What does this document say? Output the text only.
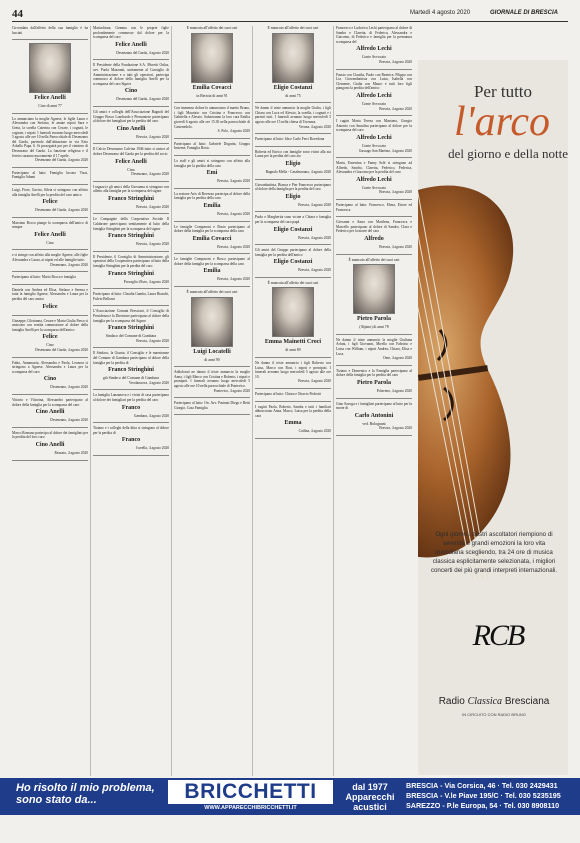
44	Martedì 4 agosto 2020	GIORNALE DI BRESCIA
Circondata dall'affetto della sua famiglia è ha lasciati
Felice Anelli
Cino di anni 77
Lo annunciano la moglie Agnese, le figlie Laura e Alessandra con Stefano, le amate nipoti Sara e Greta, la sorella Caterina con Cesare, i cognati, le cognate, i nipoti. I funerali avranno luogo mercoledì 5 agosto alle ore 10 nella Parrocchiale di Desenzano del Garda, partendo dall'abitazione in via Ezio Arballo Papa, 6. Si proseguirà poi per il cimitero di Desenzano del Garda. La funzione religiosa e il feretro saranno nuovamente il 17 aprile.
Desenzano del Garda, 4 agosto 2020
Partecipano al lutto: Famiglia Iacono Vizzi, Famiglia Adami
Luigi, Fiore, Gavira, Silvia si stringono con affetto alla famiglia Anelli per la perdita del caro amico
Felice
Desenzano del Garda, 4 agosto 2020
Massimo Bocca piange la scomparsa dell'amico di sempre
Felice Anelli
Cino
e si stringe con affetto alla moglie Agnese, alle figlie Alessandra e Laura, ai nipoti ed alle famiglie tutte.
Desenzano, 4 agosto 2020
Partecipano al lutto: Mario Bocca e famiglia
Daniela con Andrea ed Elisa, Stefano e Serena e tutta la famiglia Agnese, Alessandra e Laura per la perdita del caro amico
Felice
Giuseppe, Glorianna, Cesare e Maria Giulia Passo si uniscono con sentita commozione al dolore della famiglia Anelli per la scomparsa dell'amico
Felice
Cino
Desenzano del Garda, 4 agosto 2020
Fabio, Annamaria, Alessandra e Paola, Leonora si stringono a Agnese, Alessandra e Laura per la scomparsa del caro
Cino
Desenzano, 4 agosto 2020
Vittorio e Vittorina, Alessandro partecipano al dolore della famiglia per la scomparsa del caro
Cino Anelli
Desenzano, 4 agosto 2020
Marco Romano partecipa al dolore dei famigliari per la perdita del loro caro
Cino Anelli
Rezzato, 4 agosto 2020
Mariachiara, Gemma con le proprie figlie profondamente commosse dal dolore per la scomparsa del caro
Felice Anelli
Desenzano del Garda, 4 agosto 2020
Il Presidente della Fondazione S.A. Moretti Onlus, avv. Paola Mazzanti, unitamente al Consiglio di Amministrazione e a tutti gli operatori, partecipa commossi al dolore della famiglia Anelli per la scomparsa del caro Signor
Cino
Desenzano del Garda, 4 agosto 2020
Gli amici e colleghi dell'Associazione Bagnoli del Gruppo Bosco Lombardo e Piemontese partecipano al dolore dei famigliari per la perdita del caro
Cino Anelli
Brescia, 4 agosto 2020
Il Calcio Desenzano Calvina 1946 tutto si unisce al dolore Desenzano del Garda per la perdita del socio
Felice Anelli
Cino
Desenzano, 4 agosto 2020
I ragazzi e gli amici della Giovanna si stringono con affetto alla famiglia per la scomparsa del signor
Franco Stringhini
Brescia, 4 agosto 2020
Le Compagnie della Cooperativa Sociale Il Calabrone partecipano sentitamente al lutto della famiglia Stringhini per la scomparsa del signor
Franco Stringhini
Brescia, 4 agosto 2020
Il Presidente, il Consiglio di Amministrazione, gli operatori della Cooperativa partecipano al lutto della famiglia Stringhini per la perdita del caro
Franco Stringhini
Provaglio d'Iseo, 4 agosto 2020
Partecipano al lutto: Claudia Gamba, Laura Bianchi, Fulvio Bellomi
L'Associazione Comuni Bresciani, il Consiglio di Presidenza e la Direzione partecipano al dolore della famiglia per la scomparsa del Signor
Franco Stringhini
Sindaco del Comune di Gambara
Brescia, 4 agosto 2020
Il Sindaco, la Giunta, il Consiglio e le maestranze del Comune di Gambara partecipano al dolore della famiglia per la perdita di
Franco Stringhini
già Sindaco del Comune di Gambara
Verolanuova, 4 agosto 2020
La famiglia Lanzanova e i vicini di casa partecipano al dolore dei famigliari per la perdita del caro
Franco
Gambara, 4 agosto 2020
Tiziano e i colleghi della ditta si stringono al dolore per la perdita di
Franco
Isorella, 4 agosto 2020
È mancata all'affetto dei suoi cari
Emilia Covacci
in Bertoia di anni 91
Con immenso dolore lo annunciano il marito Bruno, i figli Maurizio con Cristina e Francesco con Gabriella e Alessio. Saluteranno la loro cara Emilia giovedì 6 agosto alle ore 15.30 nella parrocchiale di Castenedolo.
S. Polo, 4 agosto 2020
Partecipano al lutto: Gabriele Dognini, Gruppo Insieme, Famiglia Bosio
Lo staff e gli amici si stringono con affetto alla famiglia per la perdita della cara
Emi
Brescia, 4 agosto 2020
La sezione Avis di Bovezzo partecipa al dolore della famiglia per la perdita della cara
Emilia
Brescia, 4 agosto 2020
Le famiglie Comparoni e Bosio partecipano al dolore della famiglia per la scomparsa della cara
Emilia Covacci
Brescia, 4 agosto 2020
Le famiglie Comparoni e Bosco partecipano al dolore della famiglia per la scomparsa della cara
Emilia
Brescia, 4 agosto 2020
È mancato all'affetto dei suoi cari
Luigi Locatelli
di anni 90
Addolorati ne danno il triste annuncio la moglie Anna, i figli Marco con Cristina e Roberto, i nipoti e pronipoti. I funerali avranno luogo mercoledì 5 agosto alle ore 10 nella parrocchiale di Pontevico.
Pontevico, 4 agosto 2020
Partecipano al lutto: On. Avv. Pasinati Diego e Betti Giorgio, Casa Famiglia
È mancato all'affetto dei suoi cari
Eligio Costanzi
di anni 75
Ne danno il triste annuncio la moglie Giulia, i figli Chiara con Luca ed Alessio, la sorella, i cognati e i parenti tutti. I funerali avranno luogo mercoledì 5 agosto alle ore 15 nella chiesa di Torrazza.
Verona, 4 agosto 2020
Partecipano al lutto: Ida e Carlo Ferri Rovedona
Roberta ed Enrico con famiglie sono vicini alla zia Laura per la perdita del caro zio
Eligio
Bagnolo Mella - Casalmorano, 4 agosto 2020
Giovanbattista, Bianca e Pier Francesco partecipano al dolore della famiglia per la perdita del caro
Eligio
Brescia, 4 agosto 2020
Paolo e Margherita sono vicine a Chiara e famiglia per la scomparsa del caro papà
Eligio Costanzi
Brescia, 4 agosto 2020
Gli amici del Gruppo partecipano al dolore della famiglia per la perdita dell'amico
Eligio Costanzi
Brescia, 4 agosto 2020
È mancata all'affetto dei suoi cari
Emma Mainetti Croci
di anni 89
Ne danno il triste annuncio i figli Roberto con Luisa, Marco con Rosi, i nipoti e pronipoti. I funerali avranno luogo mercoledì 5 agosto alle ore 10.
Brescia, 4 agosto 2020
Partecipano al lutto: Chiara e Ottavio Pedrotti
I cugini Paola, Roberto, Sandra e tutti i familiari abbracciano Anna, Marco, Luisa per la perdita della cara
Emma
Cailina, 4 agosto 2020
Francesco e Ludovica Lechi partecipano al dolore di Sandro e Claretta, di Federica, Alessandra e Giacomo, di Federico e famiglia per la prematura scomparsa del
Alfredo Lechi
Conte Avvocato
Brescia, 4 agosto 2020
Fausto con Claudia, Paolo con Beatrice, Filippo con Lia, Giovambattista con Luisa, Isabella con Clemente, Giulia con Mauro e tutti loro figli piangono la perdita dell'amico
Alfredo Lechi
Conte Avvocato
Brescia, 4 agosto 2020
I cugini Maria Teresa con Massimo, Giorgio Antonio con Annalisa partecipano al dolore per la scomparsa del caro
Alfredo Lechi
Conte Avvocato
Gussago San Martino, 4 agosto 2020
Marta, Ernestina e Fanny Solé si stringono ad Alfredo, Sandro, Claretta, Federico, Federica, Alessandra e Giacomo per la perdita del caro
Alfredo Lechi
Conte Avvocato
Brescia, 4 agosto 2020
Partecipano al lutto: Francesco, Elena, Ettore ed Francesca
Giovanni e Anna con Marilena, Francesca e Marcello partecipano al dolore di Sandro, Clara e Federico per la morte del caro
Alfredo
Brescia, 4 agosto 2020
È mancato all'affetto dei suoi cari
Pietro Parola
(Alpino) di anni 78
Ne danno il triste annuncio la moglie Giuliana Arfani, i figli Giovanni, Mirella con Fabrizio e Luisa con William, i nipoti Andrea, Chiara, Elisa e Luca.
Ome, 4 agosto 2020
Tiziano e Domenico e la Famiglia partecipano al dolore della famiglia per la perdita del caro
Pietro Parola
Polaveno, 4 agosto 2020
Gino Savoga e i famigliari partecipano al lutto per la morte di
Carlo Antonini
ved. Bolognani
Brescia, 4 agosto 2020
Per tutto
l'arco
del giorno e della notte
Ogni giorno i nostri ascoltatori riempiono di serenità e grandi emozioni la loro vita quotidiana scegliendo, tra 24 ore di musica classica esplicitamente selezionata, i migliori concerti dei più grandi interpreti internazionali.
RCB
Radio Classica Bresciana
IN CIRCUITO CON RADIO BRUNO
Ho risolto il mio problema, sono stato da...	BRICCHETTI
WWW.APPARECCHIBRICCHETTI.IT
dal 1977 Apparecchi acustici
BRESCIA - Via Corsica, 46 · Tel. 030 2429431
BRESCIA - V.le Piave 195/C · Tel. 030 5235195
SAREZZO - P.le Europa, 54 · Tel. 030 8908110
